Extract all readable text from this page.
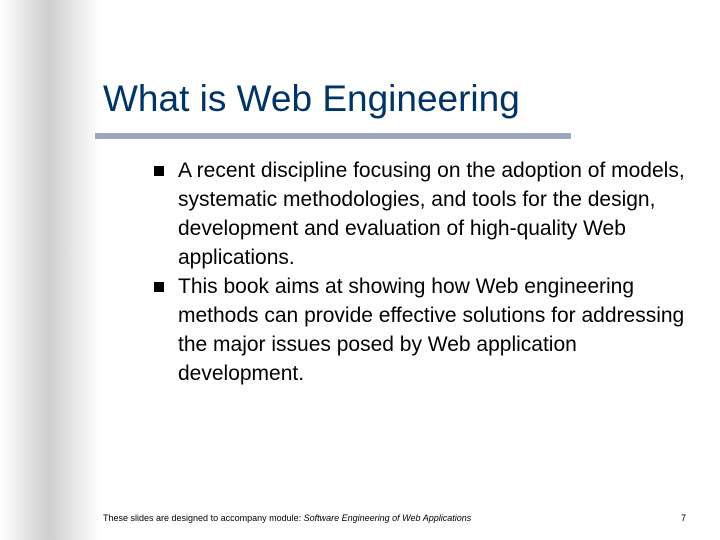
What is Web Engineering
A recent discipline focusing on the adoption of models, systematic methodologies, and tools for the design, development and evaluation of high-quality Web applications.
This book aims at showing how Web engineering methods can provide effective solutions for addressing the major issues posed by Web application development.
These slides are designed to accompany module: Software Engineering of Web Applications	7
